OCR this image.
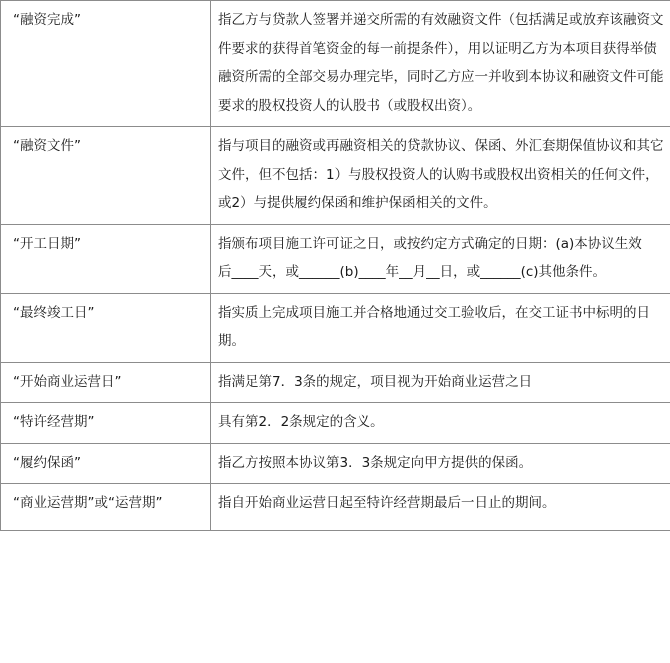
“融资完成”	指乙方与贷款人签署并递交所需的有效融资文件（包括满足或放弃该融资文件要求的获得首笔资金的每一前提条件），用以证明乙方为本项目获得举债融资所需的全部交易办理完毕，同时乙方应一并收到本协议和融资文件可能要求的股权投资人的认股书（或股权出资）。
“融资文件”	指与项目的融资或再融资相关的贷款协议、保函、外汇套期保值协议和其它文件，但不包括：1）与股权投资人的认购书或股权出资相关的任何文件，或2）与提供履约保函和维护保函相关的文件。
“开工日期”	指颁布项目施工许可证之日，或按约定方式确定的日期：(a)本协议生效
后____天，或______(b)____年__月__日，或______(c)其他条件。

“最终竣工日”	指实质上完成项目施工并合格地通过交工验收后，在交工证书中标明的日期。
“开始商业运营日”	指满足第7．3条的规定，项目视为开始商业运营之日
“特许经营期”	具有第2．2条规定的含义。
“履约保函”	指乙方按照本协议第3．3条规定向甲方提供的保函。
“商业运营期”或“运营期”	指自开始商业运营日起至特许经营期最后一日止的期间。
